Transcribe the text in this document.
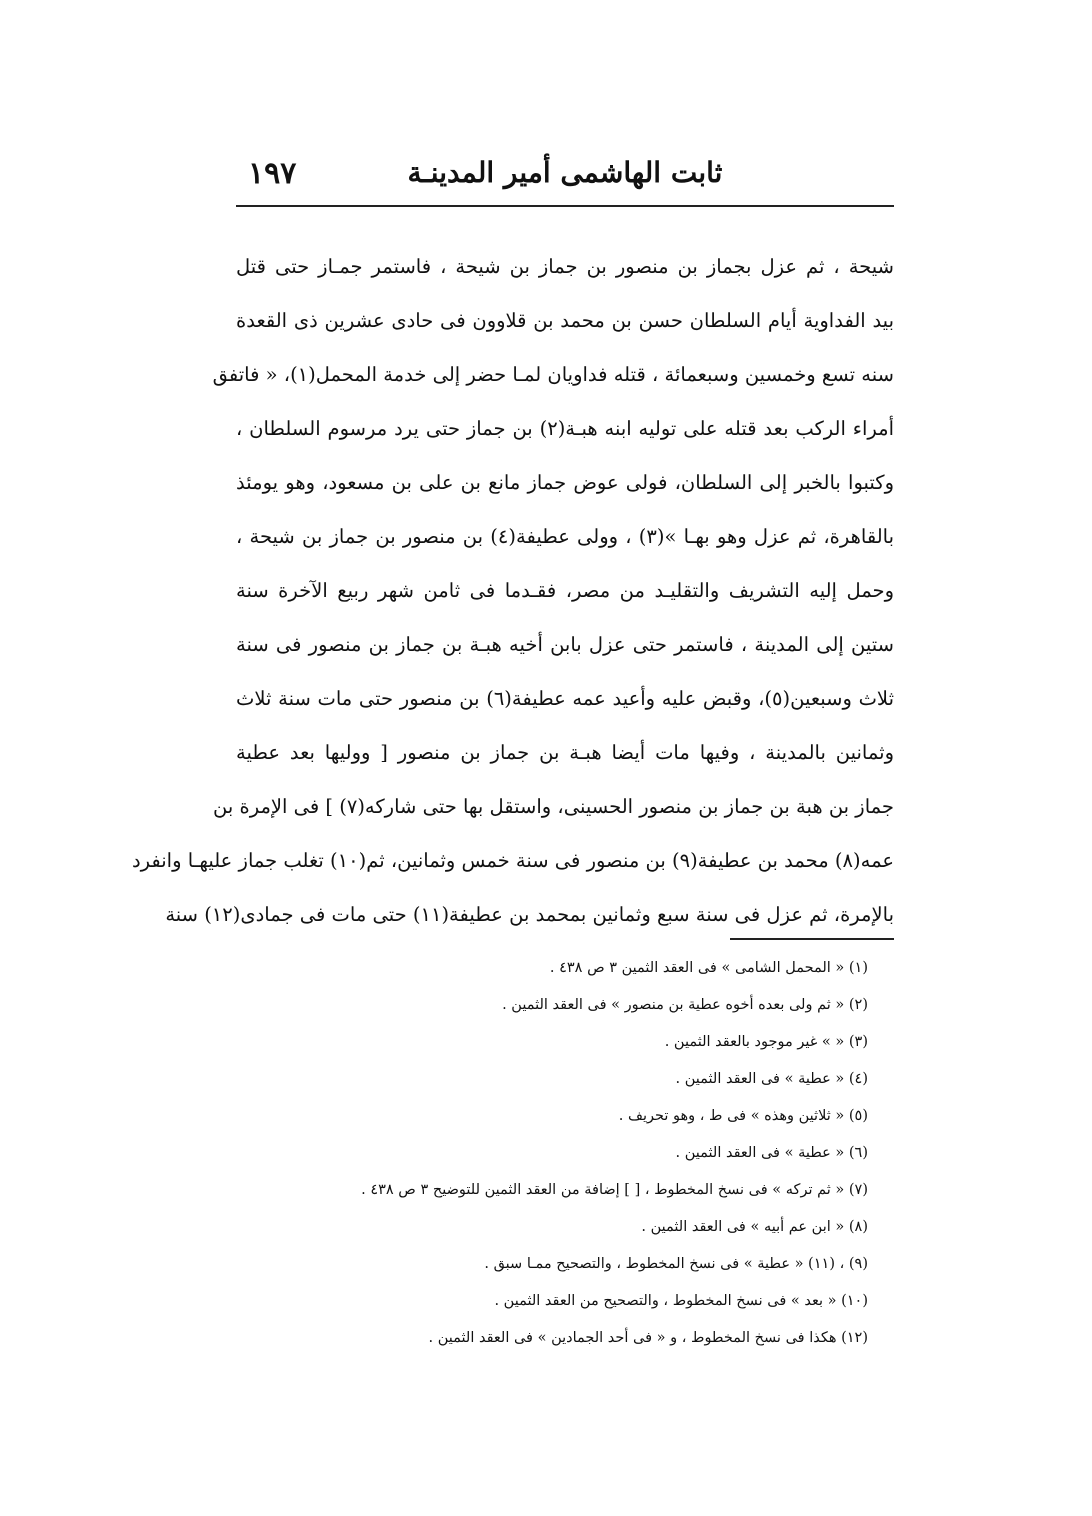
١٩٧	ثابت الهاشمى أمير المدينـة
شيحة ، ثم عزل بجماز بن منصور بن جماز بن شيحة ، فاستمر جمـاز حتى قتل
بيد الفداوية أيام السلطان حسن بن محمد بن قلاوون فى حادى عشرين ذى القعدة
سنه تسع وخمسين وسبعمائة ، قتله فداويان لمـا حضر إلى خدمة المحمل(١)، « فاتفق
أمراء الركب بعد قتله على توليه ابنه هبـة(٢) بن جماز حتى يرد مرسوم السلطان ،
وكتبوا بالخبر إلى السلطان، فولى عوض جماز مانع بن على بن مسعود، وهو يومئذ
بالقاهرة، ثم عزل وهو بهـا »(٣) ، وولى عطيفة(٤) بن منصور بن جماز بن شيحة ،
وحمل إليه التشريف والتقليـد من مصر، فقـدما فى ثامن شهر ربيع الآخرة سنة
ستين إلى المدينة ، فاستمر حتى عزل بابن أخيه هبـة بن جماز بن منصور فى سنة
ثلاث وسبعين(٥)، وقبض عليه وأعيد عمه عطيفة(٦) بن منصور حتى مات سنة ثلاث
وثمانين بالمدينة ، وفيها مات أيضا هبـة بن جماز بن منصور [ ووليها بعد عطية
جماز بن هبة بن جماز بن منصور الحسينى، واستقل بها حتى شاركه(٧) ] فى الإمرة بن
عمه(٨) محمد بن عطيفة(٩) بن منصور فى سنة خمس وثمانين، ثم(١٠) تغلب جماز عليهـا وانفرد
بالإمرة، ثم عزل فى سنة سبع وثمانين بمحمد بن عطيفة(١١) حتى مات فى جمادى(١٢) سنة
(١) « المحمل الشامى » فى العقد الثمين ٣ ص ٤٣٨ .
(٢) « ثم ولى بعده أخوه عطية بن منصور » فى العقد الثمين .
(٣) « » غير موجود بالعقد الثمين .
(٤) « عطية » فى العقد الثمين .
(٥) « ثلاثين وهذه » فى ط ، وهو تحريف .
(٦) « عطية » فى العقد الثمين .
(٧) « ثم تركه » فى نسخ المخطوط ، [ ] إضافة من العقد الثمين للتوضيح ٣ ص ٤٣٨ .
(٨) « ابن عم أبيه » فى العقد الثمين .
(٩) ، (١١) « عطية » فى نسخ المخطوط ، والتصحيح ممـا سبق .
(١٠) « بعد » فى نسخ المخطوط ، والتصحيح من العقد الثمين .
(١٢) هكذا فى نسخ المخطوط ، و « فى أحد الجمادين » فى العقد الثمين .
